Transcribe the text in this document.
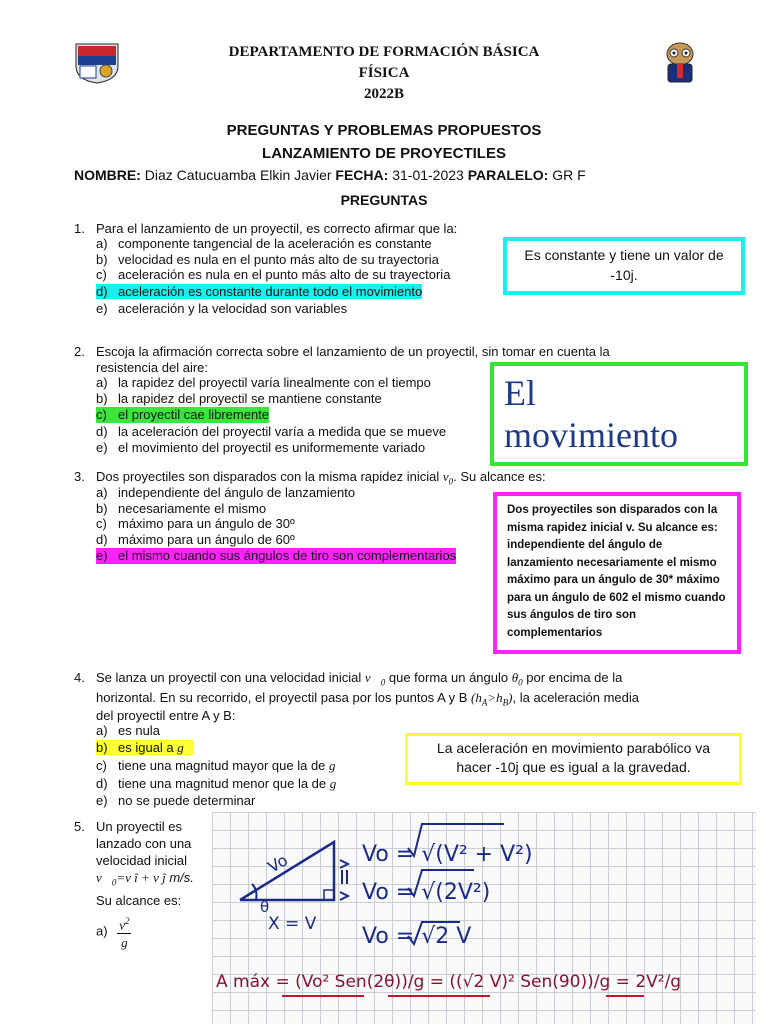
DEPARTAMENTO DE FORMACIÓN BÁSICA
FÍSICA
2022B
PREGUNTAS Y PROBLEMAS PROPUESTOS
LANZAMIENTO DE PROYECTILES
NOMBRE: Diaz Catucuamba Elkin Javier FECHA: 31-01-2023 PARALELO: GR F
PREGUNTAS
1. Para el lanzamiento de un proyectil, es correcto afirmar que la:
a) componente tangencial de la aceleración es constante
b) velocidad es nula en el punto más alto de su trayectoria
c) aceleración es nula en el punto más alto de su trayectoria
d) aceleración es constante durante todo el movimiento
e) aceleración y la velocidad son variables
Es constante y tiene un valor de -10j.
2. Escoja la afirmación correcta sobre el lanzamiento de un proyectil, sin tomar en cuenta la
resistencia del aire:
a) la rapidez del proyectil varía linealmente con el tiempo
b) la rapidez del proyectil se mantiene constante
c) el proyectil cae libremente
d) la aceleración del proyectil varía a medida que se mueve
e) el movimiento del proyectil es uniformemente variado
El
movimiento
3. Dos proyectiles son disparados con la misma rapidez inicial $v_0$. Su alcance es:
a) independiente del ángulo de lanzamiento
b) necesariamente el mismo
c) máximo para un ángulo de 30º
d) máximo para un ángulo de 60º
e) el mismo cuando sus ángulos de tiro son complementarios
Dos proyectiles son disparados con la misma rapidez inicial v. Su alcance es: independiente del ángulo de lanzamiento necesariamente el mismo máximo para un ángulo de 30* máximo para un ángulo de 602 el mismo cuando sus ángulos de tiro son complementarios
4. Se lanza un proyectil con una velocidad inicial $v⃗_0$ que forma un ángulo $\theta_0$ por encima de la
horizontal. En su recorrido, el proyectil pasa por los puntos A y B $(h_A>h_B)$, la aceleración media
del proyectil entre A y B:
a) es nula
b) es igual a g⃗
c) tiene una magnitud mayor que la de g⃗
d) tiene una magnitud menor que la de g⃗
e) no se puede determinar
La aceleración en movimiento parabólico va hacer -10j que es igual a la gravedad.
5. Un proyectil es
lanzado con una
velocidad inicial
$v⃗_0=v$ î + v ĵ m/s.
Su alcance es:
$a) \frac{v^2}{g}$
Vo
θ
X = V
Vo = √(V² + V²)
Vo = √(2V²)
Vo = √2 V
A máx = (Vo² Sen(2θ))/g = ((√2 V)² Sen(90))/g = 2V²/g
